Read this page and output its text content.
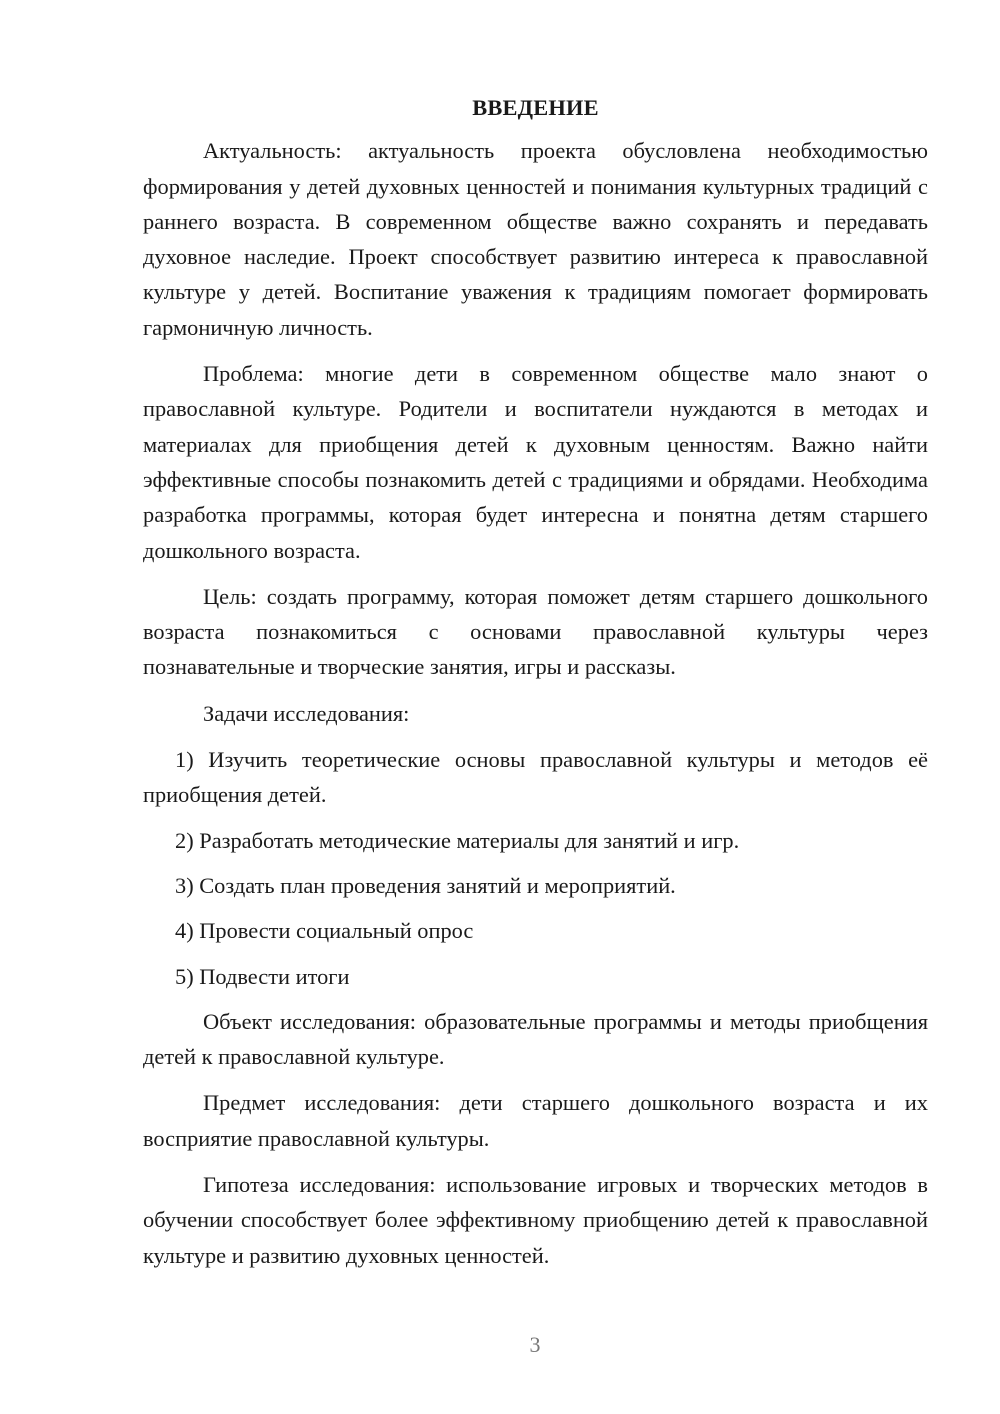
ВВЕДЕНИЕ

Актуальность: актуальность проекта обусловлена необходимостью формирования у детей духовных ценностей и понимания культурных традиций с раннего возраста. В современном обществе важно сохранять и передавать духовное наследие. Проект способствует развитию интереса к православной культуре у детей. Воспитание уважения к традициям помогает формировать гармоничную личность.

Проблема: многие дети в современном обществе мало знают о православной культуре. Родители и воспитатели нуждаются в методах и материалах для приобщения детей к духовным ценностям. Важно найти эффективные способы познакомить детей с традициями и обрядами. Необходима разработка программы, которая будет интересна и понятна детям старшего дошкольного возраста.

Цель: создать программу, которая поможет детям старшего дошкольного возраста познакомиться с основами православной культуры через познавательные и творческие занятия, игры и рассказы.

Задачи исследования:

1) Изучить теоретические основы православной культуры и методов её приобщения детей.
2) Разработать методические материалы для занятий и игр.
3) Создать план проведения занятий и мероприятий.
4) Провести социальный опрос
5) Подвести итоги

Объект исследования: образовательные программы и методы приобщения детей к православной культуре.

Предмет исследования: дети старшего дошкольного возраста и их восприятие православной культуры.

Гипотеза исследования: использование игровых и творческих методов в обучении способствует более эффективному приобщению детей к православной культуре и развитию духовных ценностей.

3
